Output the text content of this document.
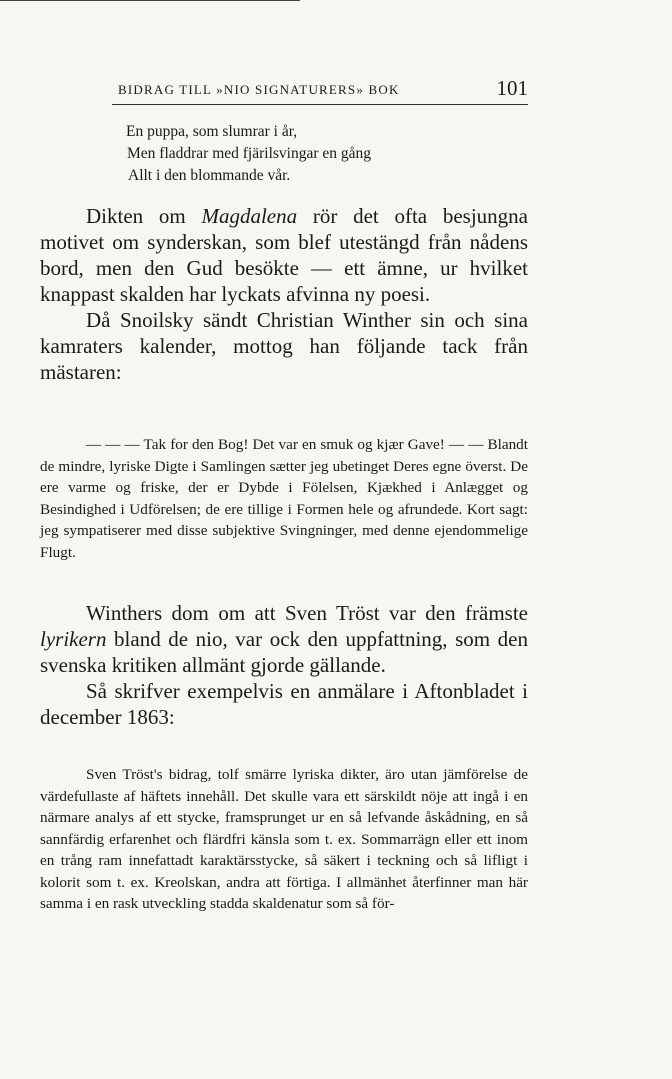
BIDRAG TILL »NIO SIGNATURERS» BOK	101
En puppa, som slumrar i år,
Men fladdrar med fjärilsvingar en gång
Allt i den blommande vår.

Dikten om Magdalena rör det ofta besjungna motivet om synderskan, som blef utestängd från nådens bord, men den Gud besökte — ett ämne, ur hvilket knappast skalden har lyckats afvinna ny poesi.

Då Snoilsky sändt Christian Winther sin och sina kamraters kalender, mottog han följande tack från mästaren:

— — — Tak for den Bog! Det var en smuk og kjær Gave! — — Blandt de mindre, lyriske Digte i Samlingen sætter jeg ubetinget Deres egne överst. De ere varme og friske, der er Dybde i Fölelsen, Kjækhed i Anlægget og Besindighed i Udförelsen; de ere tillige i Formen hele og afrundede. Kort sagt: jeg sympatiserer med disse subjektive Svingninger, med denne ejendommelige Flugt.

Winthers dom om att Sven Tröst var den främste lyrikern bland de nio, var ock den uppfattning, som den svenska kritiken allmänt gjorde gällande.

Så skrifver exempelvis en anmälare i Aftonbladet i december 1863:

Sven Tröst's bidrag, tolf smärre lyriska dikter, äro utan jämförelse de värdefullaste af häftets innehåll. Det skulle vara ett särskildt nöje att ingå i en närmare analys af ett stycke, framsprunget ur en så lefvande åskådning, en så sannfärdig erfarenhet och flärdfri känsla som t. ex. Sommarrägn eller ett inom en trång ram innefattadt karaktärsstycke, så säkert i teckning och så lifligt i kolorit som t. ex. Kreolskan, andra att förtiga. I allmänhet återfinner man här samma i en rask utveckling stadda skaldenatur som så för-
